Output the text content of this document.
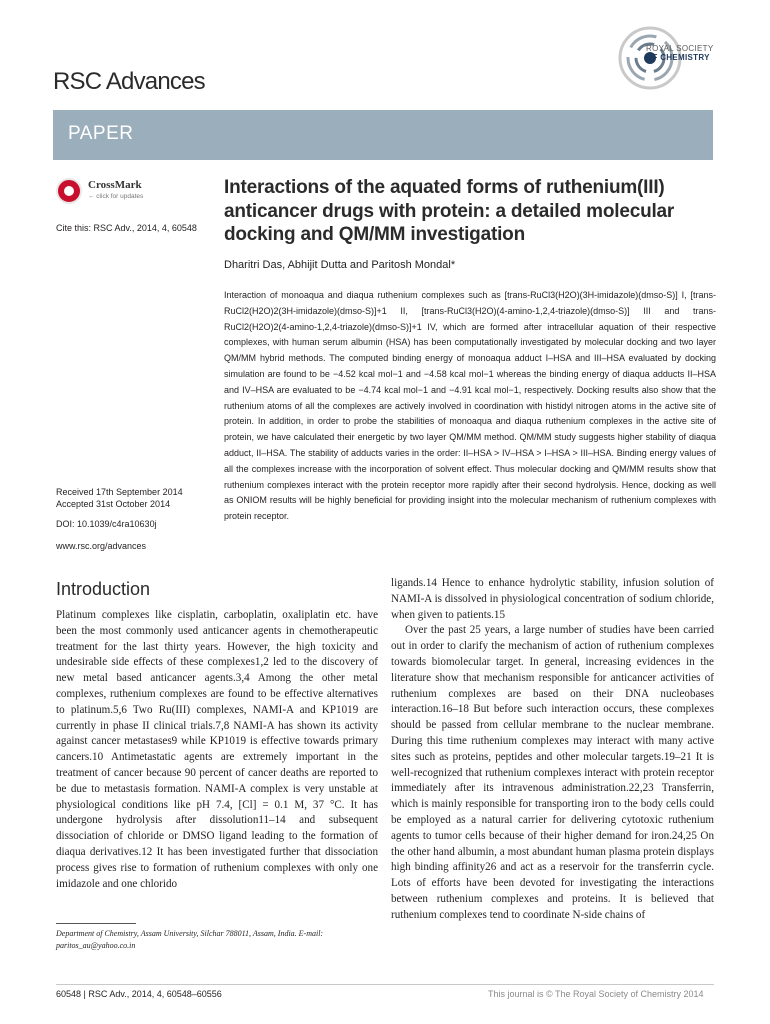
ROYAL SOCIETY
OF CHEMISTRY
RSC Advances
PAPER
CrossMark
← click for updates
Cite this: RSC Adv., 2014, 4, 60548
Received 17th September 2014
Accepted 31st October 2014
DOI: 10.1039/c4ra10630j
www.rsc.org/advances
Interactions of the aquated forms of ruthenium(III) anticancer drugs with protein: a detailed molecular docking and QM/MM investigation
Dharitri Das, Abhijit Dutta and Paritosh Mondal*
Interaction of monoaqua and diaqua ruthenium complexes such as [trans-RuCl3(H2O)(3H-imidazole)(dmso-S)] I, [trans-RuCl2(H2O)2(3H-imidazole)(dmso-S)]+1 II, [trans-RuCl3(H2O)(4-amino-1,2,4-triazole)(dmso-S)] III and trans-RuCl2(H2O)2(4-amino-1,2,4-triazole)(dmso-S)]+1 IV, which are formed after intracellular aquation of their respective complexes, with human serum albumin (HSA) has been computationally investigated by molecular docking and two layer QM/MM hybrid methods. The computed binding energy of monoaqua adduct I–HSA and III–HSA evaluated by docking simulation are found to be −4.52 kcal mol−1 and −4.58 kcal mol−1 whereas the binding energy of diaqua adducts II–HSA and IV–HSA are evaluated to be −4.74 kcal mol−1 and −4.91 kcal mol−1, respectively. Docking results also show that the ruthenium atoms of all the complexes are actively involved in coordination with histidyl nitrogen atoms in the active site of protein. In addition, in order to probe the stabilities of monoaqua and diaqua ruthenium complexes in the active site of protein, we have calculated their energetic by two layer QM/MM method. QM/MM study suggests higher stability of diaqua adduct, II–HSA. The stability of adducts varies in the order: II–HSA > IV–HSA > I–HSA > III–HSA. Binding energy values of all the complexes increase with the incorporation of solvent effect. Thus molecular docking and QM/MM results show that ruthenium complexes interact with the protein receptor more rapidly after their second hydrolysis. Hence, docking as well as ONIOM results will be highly beneficial for providing insight into the molecular mechanism of ruthenium complexes with protein receptor.
Introduction

Platinum complexes like cisplatin, carboplatin, oxaliplatin etc. have been the most commonly used anticancer agents in chemotherapeutic treatment for the last thirty years. However, the high toxicity and undesirable side effects of these complexes1,2 led to the discovery of new metal based anticancer agents.3,4 Among the other metal complexes, ruthenium complexes are found to be effective alternatives to platinum.5,6 Two Ru(III) complexes, NAMI-A and KP1019 are currently in phase II clinical trials.7,8 NAMI-A has shown its activity against cancer metastases9 while KP1019 is effective towards primary cancers.10 Antimetastatic agents are extremely important in the treatment of cancer because 90 percent of cancer deaths are reported to be due to metastasis formation. NAMI-A complex is very unstable at physiological conditions like pH 7.4, [Cl] = 0.1 M, 37 °C. It has undergone hydrolysis after dissolution11–14 and subsequent dissociation of chloride or DMSO ligand leading to the formation of diaqua derivatives.12 It has been investigated further that dissociation process gives rise to formation of ruthenium complexes with only one imidazole and one chlorido

ligands.14 Hence to enhance hydrolytic stability, infusion solution of NAMI-A is dissolved in physiological concentration of sodium chloride, when given to patients.15

Over the past 25 years, a large number of studies have been carried out in order to clarify the mechanism of action of ruthenium complexes towards biomolecular target. In general, increasing evidences in the literature show that mechanism responsible for anticancer activities of ruthenium complexes are based on their DNA nucleobases interaction.16–18 But before such interaction occurs, these complexes should be passed from cellular membrane to the nuclear membrane. During this time ruthenium complexes may interact with many active sites such as proteins, peptides and other molecular targets.19–21 It is well-recognized that ruthenium complexes interact with protein receptor immediately after its intravenous administration.22,23 Transferrin, which is mainly responsible for transporting iron to the body cells could be employed as a natural carrier for delivering cytotoxic ruthenium agents to tumor cells because of their higher demand for iron.24,25 On the other hand albumin, a most abundant human plasma protein displays high binding affinity26 and act as a reservoir for the transferrin cycle. Lots of efforts have been devoted for investigating the interactions between ruthenium complexes and proteins. It is believed that ruthenium complexes tend to coordinate N-side chains of

Department of Chemistry, Assam University, Silchar 788011, Assam, India. E-mail: paritos_au@yahoo.co.in
60548 | RSC Adv., 2014, 4, 60548–60556	This journal is © The Royal Society of Chemistry 2014
